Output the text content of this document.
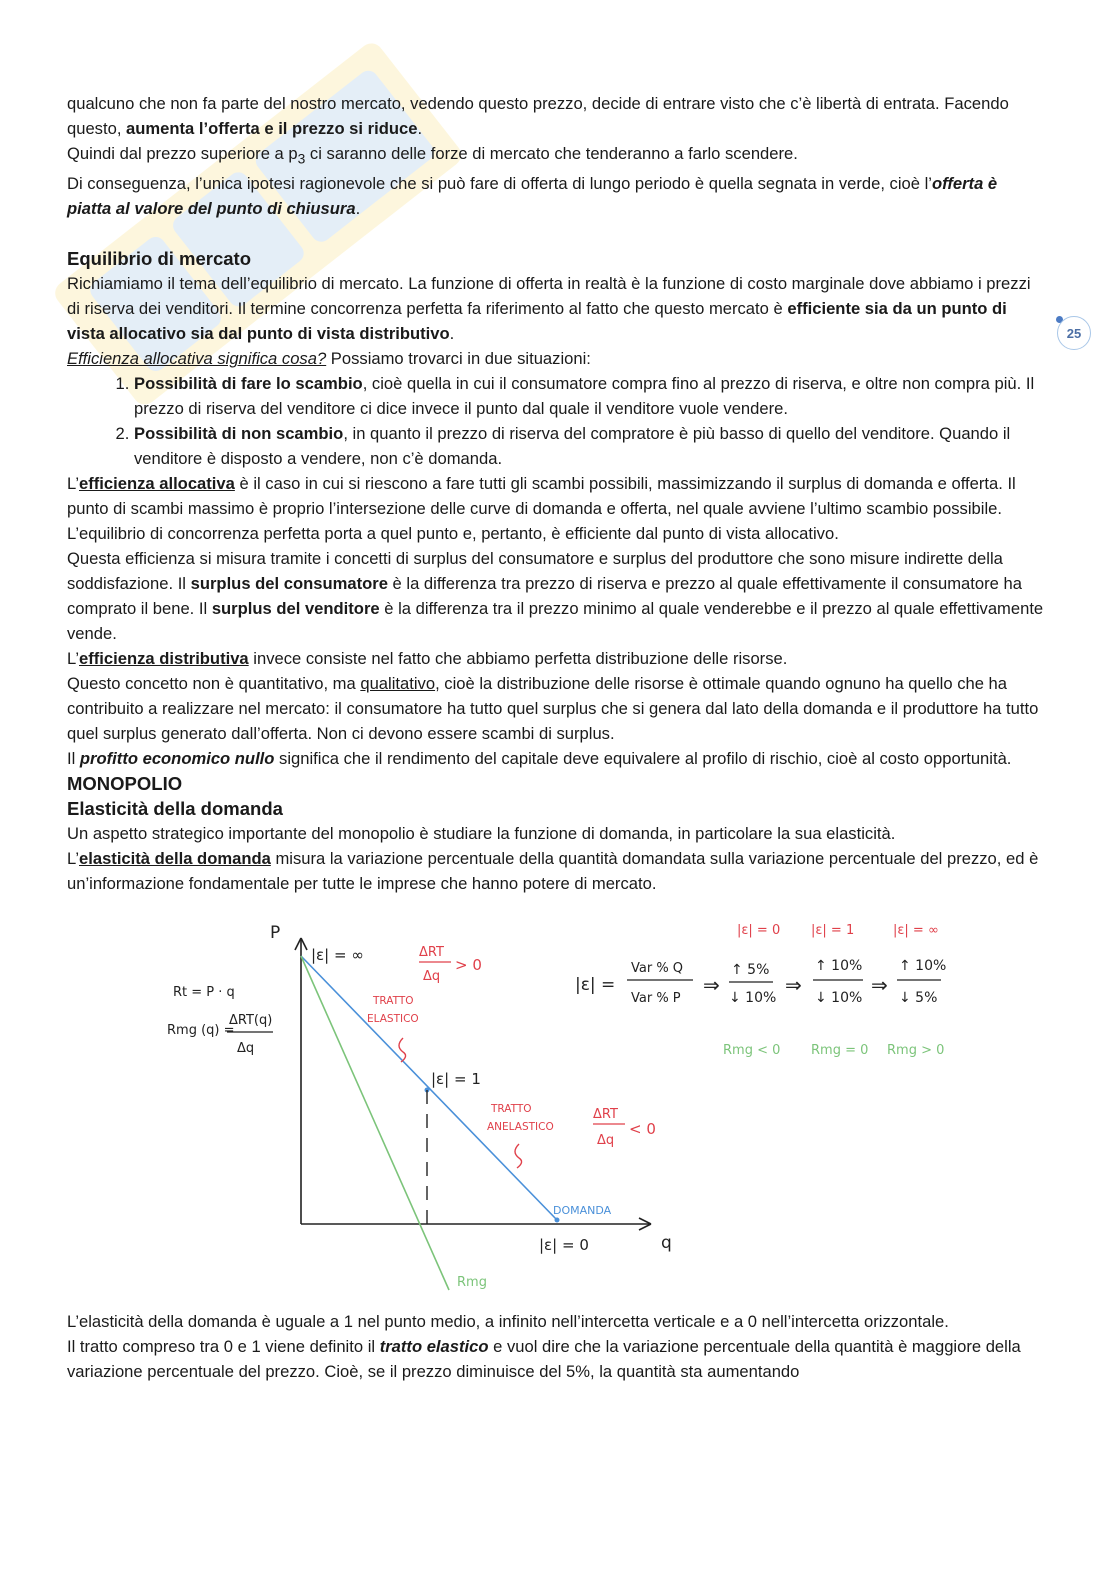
25

qualcuno che non fa parte del nostro mercato, vedendo questo prezzo, decide di entrare visto che c’è libertà di entrata. Facendo questo, aumenta l’offerta e il prezzo si riduce.

Quindi dal prezzo superiore a $p_3$ ci saranno delle forze di mercato che tenderanno a farlo scendere.

Di conseguenza, l’unica ipotesi ragionevole che si può fare di offerta di lungo periodo è quella segnata in verde, cioè l’offerta è piatta al valore del punto di chiusura.

Equilibrio di mercato

Richiamiamo il tema dell’equilibrio di mercato. La funzione di offerta in realtà è la funzione di costo marginale dove abbiamo i prezzi di riserva dei venditori. Il termine concorrenza perfetta fa riferimento al fatto che questo mercato è efficiente sia da un punto di vista allocativo sia dal punto di vista distributivo.

Efficienza allocativa significa cosa? Possiamo trovarci in due situazioni:

1. Possibilità di fare lo scambio, cioè quella in cui il consumatore compra fino al prezzo di riserva, e oltre non compra più. Il prezzo di riserva del venditore ci dice invece il punto dal quale il venditore vuole vendere.
2. Possibilità di non scambio, in quanto il prezzo di riserva del compratore è più basso di quello del venditore. Quando il venditore è disposto a vendere, non c’è domanda.

L’efficienza allocativa è il caso in cui si riescono a fare tutti gli scambi possibili, massimizzando il surplus di domanda e offerta. Il punto di scambi massimo è proprio l’intersezione delle curve di domanda e offerta, nel quale avviene l’ultimo scambio possibile. L’equilibrio di concorrenza perfetta porta a quel punto e, pertanto, è efficiente dal punto di vista allocativo.

Questa efficienza si misura tramite i concetti di surplus del consumatore e surplus del produttore che sono misure indirette della soddisfazione. Il surplus del consumatore è la differenza tra prezzo di riserva e prezzo al quale effettivamente il consumatore ha comprato il bene. Il surplus del venditore è la differenza tra il prezzo minimo al quale venderebbe e il prezzo al quale effettivamente vende.

L’efficienza distributiva invece consiste nel fatto che abbiamo perfetta distribuzione delle risorse.

Questo concetto non è quantitativo, ma qualitativo, cioè la distribuzione delle risorse è ottimale quando ognuno ha quello che ha contribuito a realizzare nel mercato: il consumatore ha tutto quel surplus che si genera dal lato della domanda e il produttore ha tutto quel surplus generato dall’offerta. Non ci devono essere scambi di surplus.

Il profitto economico nullo significa che il rendimento del capitale deve equivalere al profilo di rischio, cioè al costo opportunità.

MONOPOLIO

Elasticità della domanda

Un aspetto strategico importante del monopolio è studiare la funzione di domanda, in particolare la sua elasticità.

L’elasticità della domanda misura la variazione percentuale della quantità domandata sulla variazione percentuale del prezzo, ed è un’informazione fondamentale per tutte le imprese che hanno potere di mercato.

P
q
DOMANDA
Rmg
|ε| = ∞
|ε| = 1
|ε| = 0
TRATTO
ELASTICO
ΔRT
Δq
> 0
TRATTO
ANELASTICO
ΔRT
Δq
< 0
Rt = P · q
Rmg (q) =
ΔRT(q)
Δq
|ε| =
Var % Q
Var % P
⇒
|ε| = 0
↑ 5%
↓ 10%
Rmg < 0
⇒
|ε| = 1
↑ 10%
↓ 10%
Rmg = 0
⇒
|ε| = ∞
↑ 10%
↓ 5%
Rmg > 0

L’elasticità della domanda è uguale a 1 nel punto medio, a infinito nell’intercetta verticale e a 0 nell’intercetta orizzontale.

Il tratto compreso tra 0 e 1 viene definito il tratto elastico e vuol dire che la variazione percentuale della quantità è maggiore della variazione percentuale del prezzo. Cioè, se il prezzo diminuisce del 5%, la quantità sta aumentando
